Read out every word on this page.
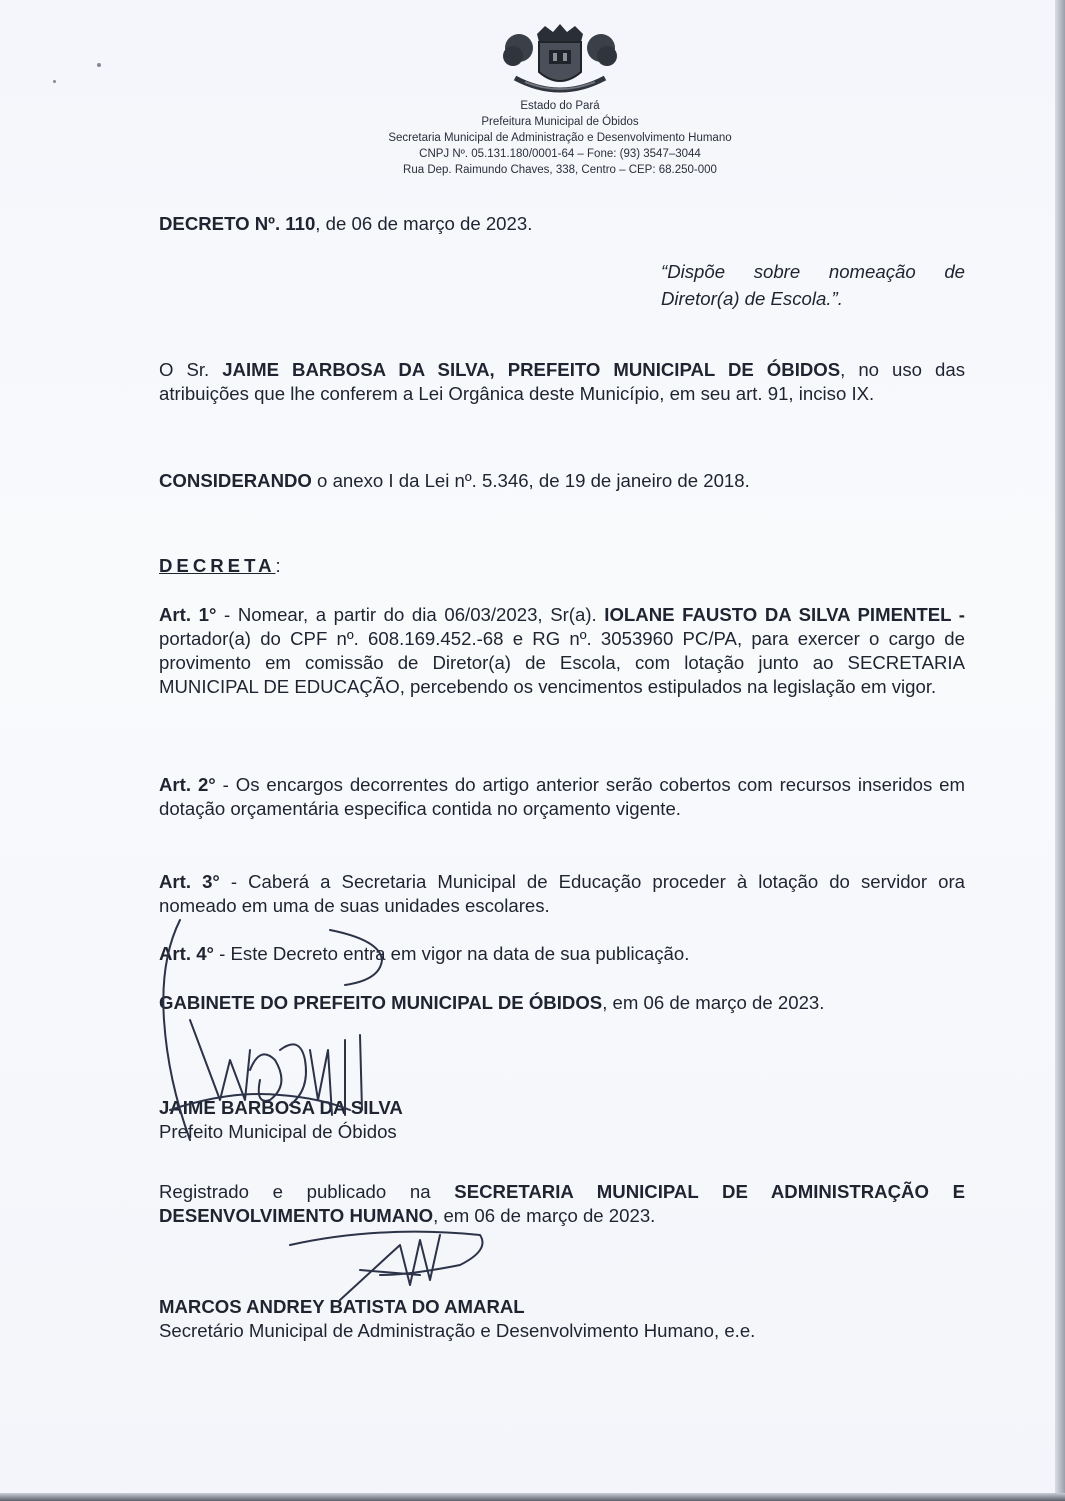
Estado do Pará
Prefeitura Municipal de Óbidos
Secretaria Municipal de Administração e Desenvolvimento Humano
CNPJ Nº. 05.131.180/0001-64 – Fone: (93) 3547–3044
Rua Dep. Raimundo Chaves, 338, Centro – CEP: 68.250-000
DECRETO Nº. 110, de 06 de março de 2023.
“Dispõe sobre nomeação de Diretor(a) de Escola.”.
O Sr. JAIME BARBOSA DA SILVA, PREFEITO MUNICIPAL DE ÓBIDOS, no uso das atribuições que lhe conferem a Lei Orgânica deste Município, em seu art. 91, inciso IX.
CONSIDERANDO o anexo I da Lei nº. 5.346, de 19 de janeiro de 2018.
DECRETA:
Art. 1° - Nomear, a partir do dia 06/03/2023, Sr(a). IOLANE FAUSTO DA SILVA PIMENTEL - portador(a) do CPF nº. 608.169.452.-68 e RG nº. 3053960 PC/PA, para exercer o cargo de provimento em comissão de Diretor(a) de Escola, com lotação junto ao SECRETARIA MUNICIPAL DE EDUCAÇÃO, percebendo os vencimentos estipulados na legislação em vigor.
Art. 2° - Os encargos decorrentes do artigo anterior serão cobertos com recursos inseridos em dotação orçamentária especifica contida no orçamento vigente.
Art. 3° - Caberá a Secretaria Municipal de Educação proceder à lotação do servidor ora nomeado em uma de suas unidades escolares.
Art. 4° - Este Decreto entra em vigor na data de sua publicação.
GABINETE DO PREFEITO MUNICIPAL DE ÓBIDOS, em 06 de março de 2023.
JAIME BARBOSA DA SILVA
Prefeito Municipal de Óbidos
Registrado e publicado na SECRETARIA MUNICIPAL DE ADMINISTRAÇÃO E DESENVOLVIMENTO HUMANO, em 06 de março de 2023.
MARCOS ANDREY BATISTA DO AMARAL
Secretário Municipal de Administração e Desenvolvimento Humano, e.e.
